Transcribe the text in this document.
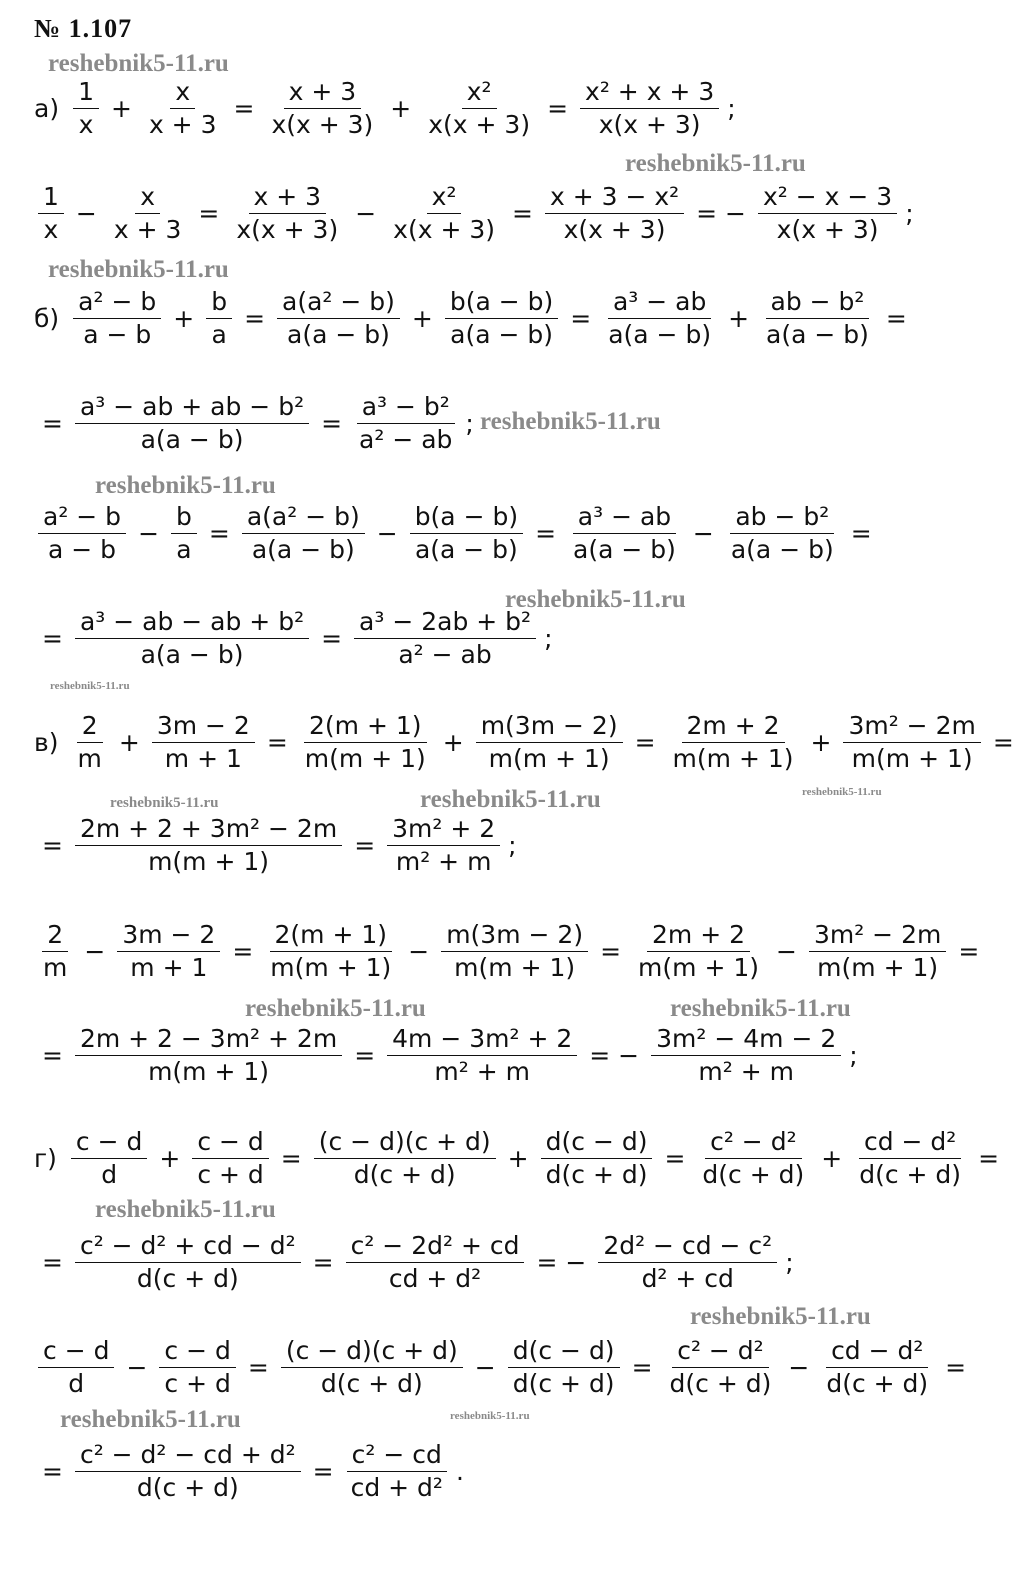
№ 1.107
reshebnik5-11.ru
reshebnik5-11.ru
reshebnik5-11.ru
reshebnik5-11.ru
reshebnik5-11.ru
reshebnik5-11.ru
reshebnik5-11.ru
reshebnik5-11.ru
reshebnik5-11.ru
reshebnik5-11.ru
reshebnik5-11.ru	reshebnik5-11.ru
reshebnik5-11.ru
reshebnik5-11.ru
reshebnik5-11.ru	reshebnik5-11.ru
$а) \frac{1}{x} + \frac{x}{x + 3} = \frac{x + 3}{x(x + 3)} + \frac{\text{x²}}{x(x + 3)} = \frac{\text{x² + x + 3}}{x(x + 3)}$ ;
$\frac{1}{x} - \frac{x}{x + 3} = \frac{x + 3}{x(x + 3)} - \frac{\text{x²}}{x(x + 3)} = \frac{\text{x + 3 − x²}}{x(x + 3)}$ = − $\frac{\text{x² − x − 3}}{x(x + 3)}$ ;
$б) \frac{\text{a² − b}}{a - b} + \frac{b}{a} = \frac{\text{a(a² − b)}}{a(a - b)} + \frac{b(a - b)}{a(a - b)} = \frac{\text{a³ − ab}}{a(a - b)} + \frac{\text{ab − b²}}{a(a - b)}$ =
= $\frac{\text{a³ − ab + ab − b²}}{a(a - b)} = \frac{\text{a³ − b²}}{\text{a² − ab}}$ ;
$\frac{\text{a² − b}}{a - b} - \frac{b}{a} = \frac{\text{a(a² − b)}}{a(a - b)} - \frac{b(a - b)}{a(a - b)} = \frac{\text{a³ − ab}}{a(a - b)} - \frac{\text{ab − b²}}{a(a - b)}$ =
= $\frac{\text{a³ − ab − ab + b²}}{a(a - b)} = \frac{\text{a³ − 2ab + b²}}{\text{a² − ab}}$ ;
$в) \frac{2}{m} + \frac{3m - 2}{m + 1} = \frac{2(m + 1)}{m(m + 1)} + \frac{m(3m - 2)}{m(m + 1)} = \frac{2m + 2}{m(m + 1)} + \frac{\text{3m² − 2m}}{m(m + 1)}$ =
= $\frac{\text{2m + 2 + 3m² − 2m}}{m(m + 1)} = \frac{\text{3m² + 2}}{\text{m² + m}}$ ;
$\frac{2}{m} - \frac{3m - 2}{m + 1} = \frac{2(m + 1)}{m(m + 1)} - \frac{m(3m - 2)}{m(m + 1)} = \frac{2m + 2}{m(m + 1)} - \frac{\text{3m² − 2m}}{m(m + 1)}$ =
= $\frac{\text{2m + 2 − 3m² + 2m}}{m(m + 1)} = \frac{\text{4m − 3m² + 2}}{\text{m² + m}}$ = − $\frac{\text{3m² − 4m − 2}}{\text{m² + m}}$ ;
$г) \frac{c - d}{d} + \frac{c - d}{c + d} = \frac{(c - d)(c + d)}{d(c + d)} + \frac{d(c - d)}{d(c + d)} = \frac{\text{c² − d²}}{d(c + d)} + \frac{\text{cd − d²}}{d(c + d)}$ =
= $\frac{\text{c² − d² + cd − d²}}{d(c + d)} = \frac{\text{c² − 2d² + cd}}{\text{cd + d²}}$ = − $\frac{\text{2d² − cd − c²}}{\text{d² + cd}}$ ;
$\frac{c - d}{d} - \frac{c - d}{c + d} = \frac{(c - d)(c + d)}{d(c + d)} - \frac{d(c - d)}{d(c + d)} = \frac{\text{c² − d²}}{d(c + d)} - \frac{\text{cd − d²}}{d(c + d)}$ =
= $\frac{\text{c² − d² − cd + d²}}{d(c + d)} = \frac{\text{c² − cd}}{\text{cd + d²}}$ .
